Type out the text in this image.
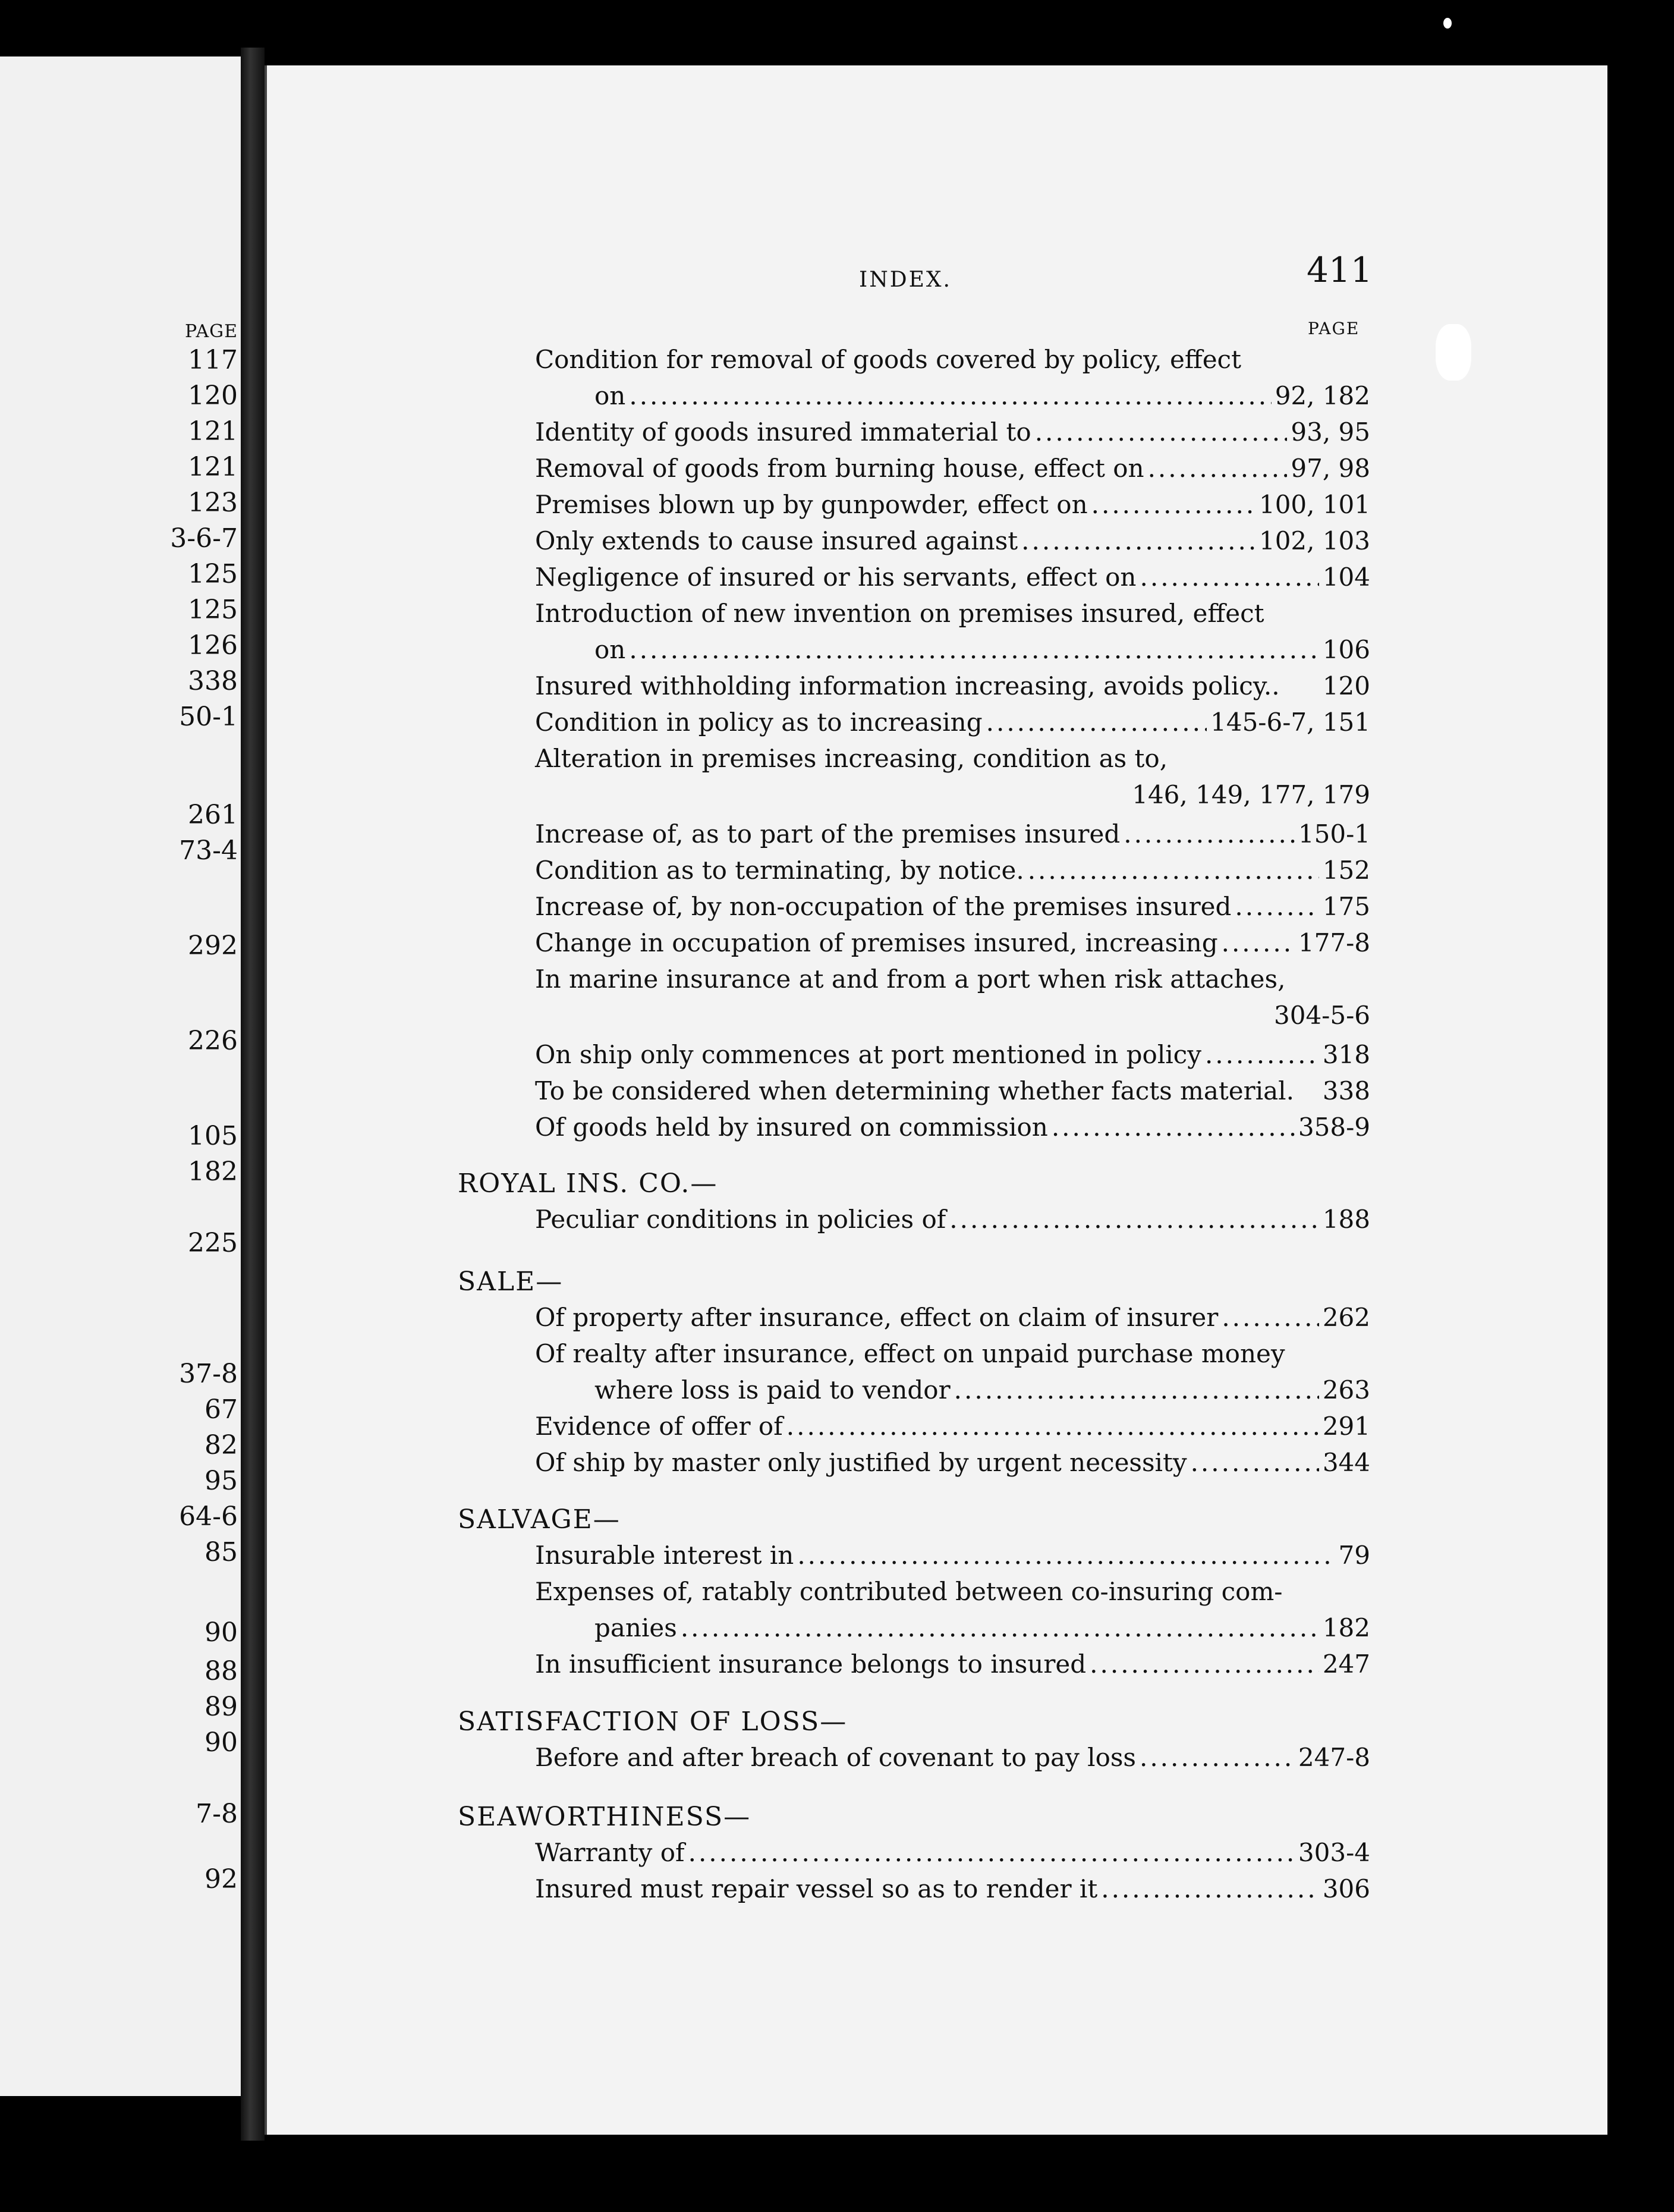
PAGE
117
120
121
121
123
3-6-7
125
125
126
338
50-1
261
73-4
292
226
105
182
225
37-8
67
82
95
64-6
85
90
88
89
90
7-8
92
INDEX.	411
PAGE
Condition for removal of goods covered by policy, effect
on .....	92, 182
Identity of goods insured immaterial to .....	93, 95
Removal of goods from burning house, effect on .....	97, 98
Premises blown up by gunpowder, effect on .....	100, 101
Only extends to cause insured against .....	102, 103
Negligence of insured or his servants, effect on .....	104
Introduction of new invention on premises insured, effect
on .....	106
Insured withholding information increasing, avoids policy.. 120
Condition in policy as to increasing .....	145-6-7, 151
Alteration in premises increasing, condition as to,
146, 149, 177, 179
Increase of, as to part of the premises insured .....	150-1
Condition as to terminating, by notice. .....	152
Increase of, by non-occupation of the premises insured .....	175
Change in occupation of premises insured, increasing .....	177-8
In marine insurance at and from a port when risk attaches,
304-5-6
On ship only commences at port mentioned in policy .....	318
To be considered when determining whether facts material. 338
Of goods held by insured on commission .....	358-9
ROYAL INS. CO.—
Peculiar conditions in policies of .....	188
SALE—
Of property after insurance, effect on claim of insurer .....	262
Of realty after insurance, effect on unpaid purchase money
where loss is paid to vendor .....	263
Evidence of offer of .....	291
Of ship by master only justified by urgent necessity .....	344
SALVAGE—
Insurable interest in .....	79
Expenses of, ratably contributed between co-insuring com-
panies .....	182
In insufficient insurance belongs to insured .....	247
SATISFACTION OF LOSS—
Before and after breach of covenant to pay loss .....	247-8
SEAWORTHINESS—
Warranty of .....	303-4
Insured must repair vessel so as to render it .....	306
